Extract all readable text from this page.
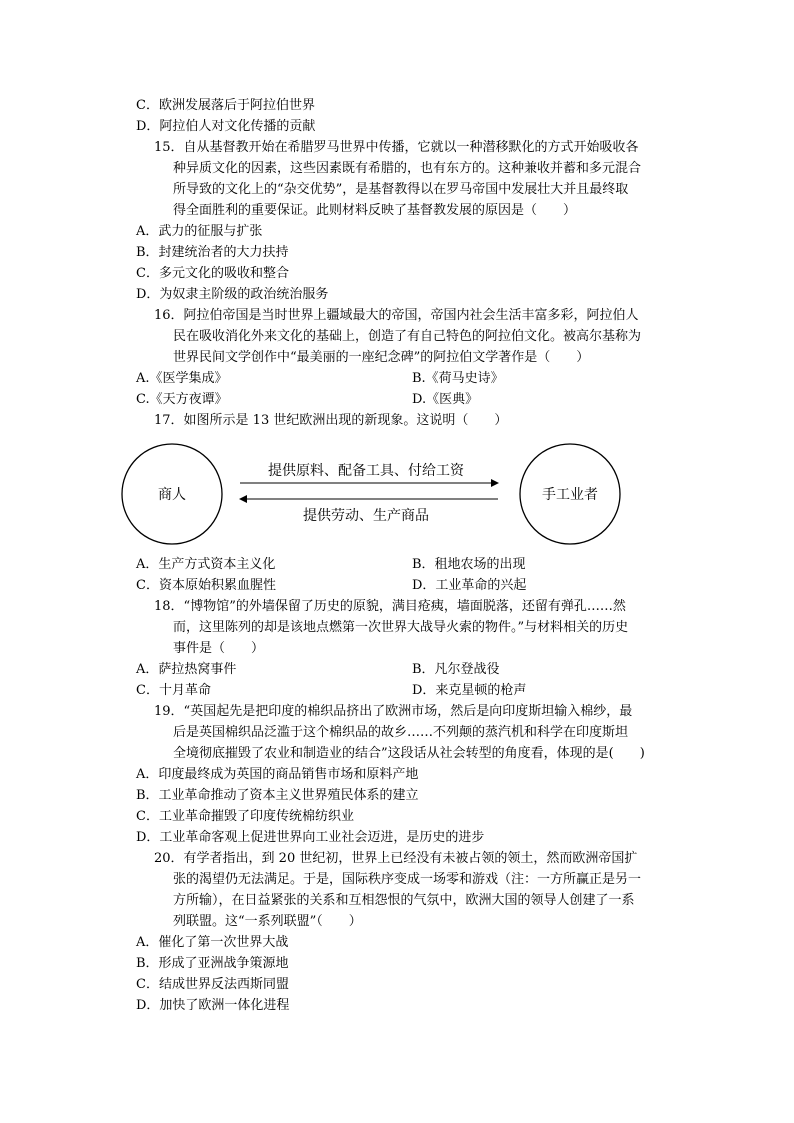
C．欧洲发展落后于阿拉伯世界
D．阿拉伯人对文化传播的贡献
15．自从基督教开始在希腊罗马世界中传播，它就以一种潜移默化的方式开始吸收各
种异质文化的因素，这些因素既有希腊的，也有东方的。这种兼收并蓄和多元混合
所导致的文化上的“杂交优势”，是基督教得以在罗马帝国中发展壮大并且最终取
得全面胜利的重要保证。此则材料反映了基督教发展的原因是（　　）
A．武力的征服与扩张
B．封建统治者的大力扶持
C．多元文化的吸收和整合
D．为奴隶主阶级的政治统治服务
16．阿拉伯帝国是当时世界上疆域最大的帝国，帝国内社会生活丰富多彩，阿拉伯人
民在吸收消化外来文化的基础上，创造了有自己特色的阿拉伯文化。被高尔基称为
世界民间文学创作中“最美丽的一座纪念碑”的阿拉伯文学著作是（　　）
A.《医学集成》	B.《荷马史诗》
C.《天方夜谭》	D.《医典》
17．如图所示是 13 世纪欧洲出现的新现象。这说明（　　）
A．生产方式资本主义化	B．租地农场的出现
C．资本原始积累血腥性	D．工业革命的兴起
18．“博物馆”的外墙保留了历史的原貌，满目疮痍，墙面脱落，还留有弹孔……然
而，这里陈列的却是该地点燃第一次世界大战导火索的物件。”与材料相关的历史
事件是（　　）
A．萨拉热窝事件	B．凡尔登战役
C．十月革命	D．来克星顿的枪声
19．“英国起先是把印度的棉织品挤出了欧洲市场，然后是向印度斯坦输入棉纱，最
后是英国棉织品泛滥于这个棉织品的故乡……不列颠的蒸汽机和科学在印度斯坦
全境彻底摧毁了农业和制造业的结合”这段话从社会转型的角度看，体现的是(　　)
A．印度最终成为英国的商品销售市场和原料产地
B．工业革命推动了资本主义世界殖民体系的建立
C．工业革命摧毁了印度传统棉纺织业
D．工业革命客观上促进世界向工业社会迈进，是历史的进步
20．有学者指出，到 20 世纪初，世界上已经没有未被占领的领土，然而欧洲帝国扩
张的渴望仍无法满足。于是，国际秩序变成一场零和游戏（注：一方所赢正是另一
方所输），在日益紧张的关系和互相怨恨的气氛中，欧洲大国的领导人创建了一系
列联盟。这“一系列联盟”（　　）
A．催化了第一次世界大战
B．形成了亚洲战争策源地
C．结成世界反法西斯同盟
D．加快了欧洲一体化进程
商人	手工业者
提供原料、配备工具、付给工资
提供劳动、生产商品
